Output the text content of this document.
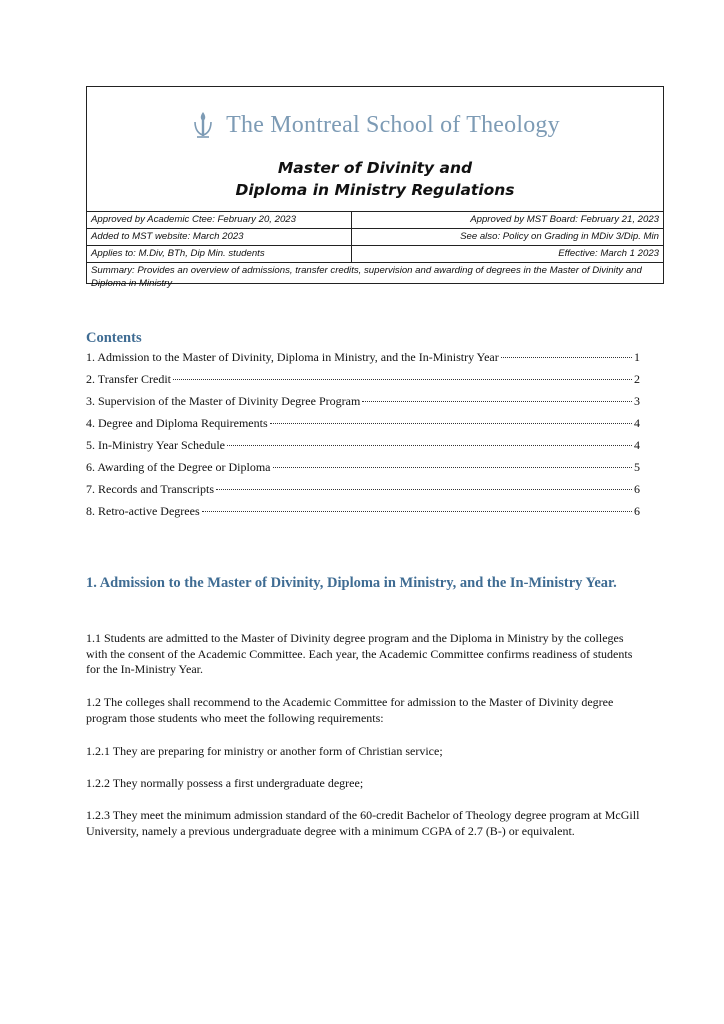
The Montreal School of Theology
Master of Divinity and
Diploma in Ministry Regulations
Approved by Academic Ctee: February 20, 2023	Approved by MST Board: February 21, 2023
Added to MST website: March 2023	See also: Policy on Grading in MDiv 3/Dip. Min
Applies to: M.Div, BTh, Dip Min. students	Effective: March 1 2023
Summary: Provides an overview of admissions, transfer credits, supervision and awarding of degrees in the Master of Divinity and Diploma in Ministry	
Contents
1. Admission to the Master of Divinity, Diploma in Ministry, and the In-Ministry Year	1
2. Transfer Credit	2
3. Supervision of the Master of Divinity Degree Program	3
4. Degree and Diploma Requirements	4
5. In-Ministry Year Schedule	4
6. Awarding of the Degree or Diploma	5
7. Records and Transcripts	6
8. Retro-active Degrees	6
1. Admission to the Master of Divinity, Diploma in Ministry, and the In-Ministry Year.

1.1 Students are admitted to the Master of Divinity degree program and the Diploma in Ministry by the colleges with the consent of the Academic Committee. Each year, the Academic Committee confirms readiness of students for the In-Ministry Year.

1.2 The colleges shall recommend to the Academic Committee for admission to the Master of Divinity degree program those students who meet the following requirements:

1.2.1 They are preparing for ministry or another form of Christian service;

1.2.2 They normally possess a first undergraduate degree;

1.2.3 They meet the minimum admission standard of the 60-credit Bachelor of Theology degree program at McGill University, namely a previous undergraduate degree with a minimum CGPA of 2.7 (B-) or equivalent.
